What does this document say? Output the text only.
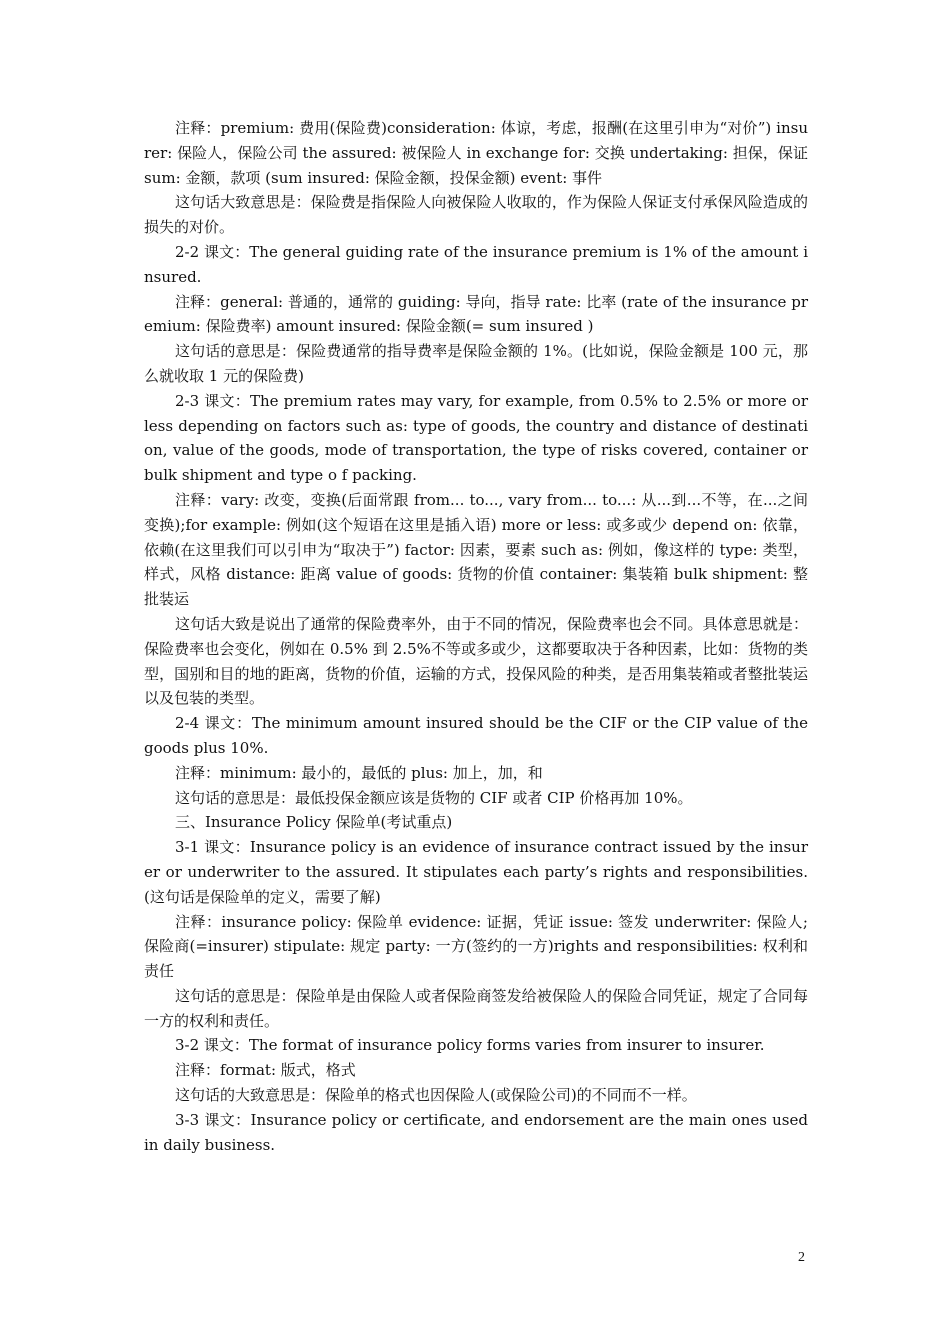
注释：premium: 费用(保险费)consideration: 体谅，考虑，报酬(在这里引申为“对价”) insurer: 保险人，保险公司 the assured: 被保险人 in exchange for: 交换 undertaking: 担保，保证 sum: 金额，款项 (sum insured: 保险金额，投保金额) event: 事件

这句话大致意思是：保险费是指保险人向被保险人收取的，作为保险人保证支付承保风险造成的损失的对价。

2-2 课文：The general guiding rate of the insurance premium is 1% of the amount insured.

注释：general: 普通的，通常的 guiding: 导向，指导 rate: 比率 (rate of the insurance premium: 保险费率) amount insured: 保险金额(= sum insured )

这句话的意思是：保险费通常的指导费率是保险金额的 1%。(比如说，保险金额是 100 元，那么就收取 1 元的保险费)

2-3 课文：The premium rates may vary, for example, from 0.5% to 2.5% or more or less depending on factors such as: type of goods, the country and distance of destination, value of the goods, mode of transportation, the type of risks covered, container or bulk shipment and type o f packing.

注释：vary: 改变，变换(后面常跟 from... to..., vary from... to...: 从...到...不等，在...之间变换);for example: 例如(这个短语在这里是插入语) more or less: 或多或少 depend on: 依靠，依赖(在这里我们可以引申为“取决于”) factor: 因素，要素 such as: 例如，像这样的 type: 类型，样式，风格 distance: 距离 value of goods: 货物的价值 container: 集装箱 bulk shipment: 整批装运

这句话大致是说出了通常的保险费率外，由于不同的情况，保险费率也会不同。具体意思就是：保险费率也会变化，例如在 0.5% 到 2.5%不等或多或少，这都要取决于各种因素，比如：货物的类型，国别和目的地的距离，货物的价值，运输的方式，投保风险的种类，是否用集装箱或者整批装运以及包装的类型。

2-4 课文：The minimum amount insured should be the CIF or the CIP value of the goods plus 10%.

注释：minimum: 最小的，最低的 plus: 加上，加，和

这句话的意思是：最低投保金额应该是货物的 CIF 或者 CIP 价格再加 10%。

三、Insurance Policy 保险单(考试重点)

3-1 课文：Insurance policy is an evidence of insurance contract issued by the insurer or underwriter to the assured. It stipulates each party’s rights and responsibilities.(这句话是保险单的定义，需要了解)

注释：insurance policy: 保险单 evidence: 证据，凭证 issue: 签发 underwriter: 保险人;保险商(=insurer) stipulate: 规定 party: 一方(签约的一方)rights and responsibilities: 权利和责任

这句话的意思是：保险单是由保险人或者保险商签发给被保险人的保险合同凭证，规定了合同每一方的权利和责任。

3-2 课文：The format of insurance policy forms varies from insurer to insurer.

注释：format: 版式，格式

这句话的大致意思是：保险单的格式也因保险人(或保险公司)的不同而不一样。

3-3 课文：Insurance policy or certificate, and endorsement are the main ones used in daily business.

2
